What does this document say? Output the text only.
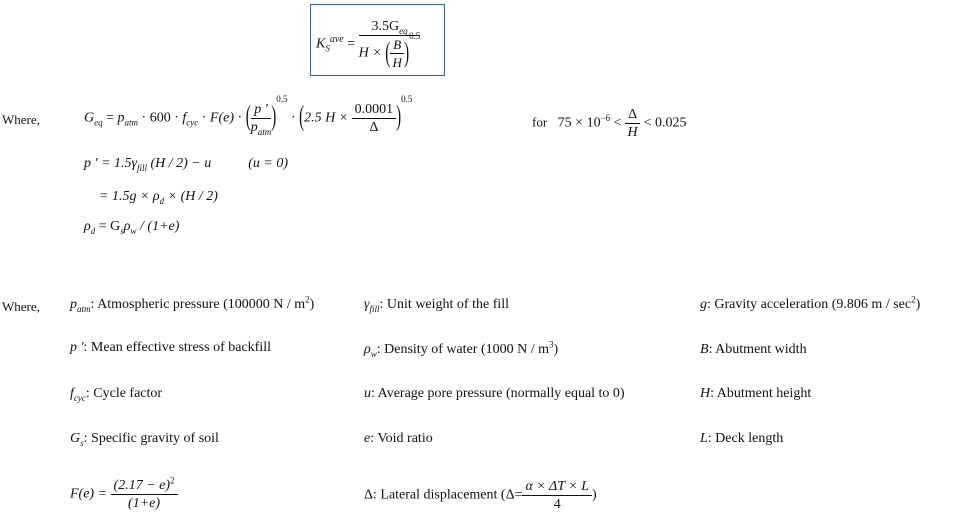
$K_S^{ave} = \frac{3.5G_{eq}}{H \times ( \frac{B}{H} )^{0.5}}$
Where,	$G_{eq} = p_{atm} \cdot 600 \cdot f_{cyc} \cdot F(e)$ · ( $\frac{p '}{p_{atm}} )^{0.5} \cdot (2.5$ $H \times \frac{0.0001}{\Delta} )^{0.5}$
for $75 \times 10^{-6} < \frac{\Delta}{H} < 0.025$
p ' = $1.5\gamma_{fill}$ (H / 2) − u	(u = 0)
= $1.5g \times \rho_d \times (H / 2)$
$\rho_d = G_s\rho_w / (1+e)$
Where, $p_{atm}$: Atmospheric pressure (100000 N / $m^2$)	$\gamma_{fill}$: Unit weight of the fill	g: Gravity acceleration (9.806 m / $\sec^2$)
p ': Mean effective stress of backfill	$\rho_w$: Density of water (1000 N / $m^3$)	B: Abutment width
$f_{cyc}$: Cycle factor	u: Average pore pressure (normally equal to 0)	H: Abutment height
$G_s$: Specific gravity of soil	e: Void ratio	L: Deck length
$F(e) = \frac{(2.17 - e)^2}{(1+e)}$	Δ: Lateral displacement ($\Delta= \frac{\alpha \times \Delta T \times L}{4}$ )
